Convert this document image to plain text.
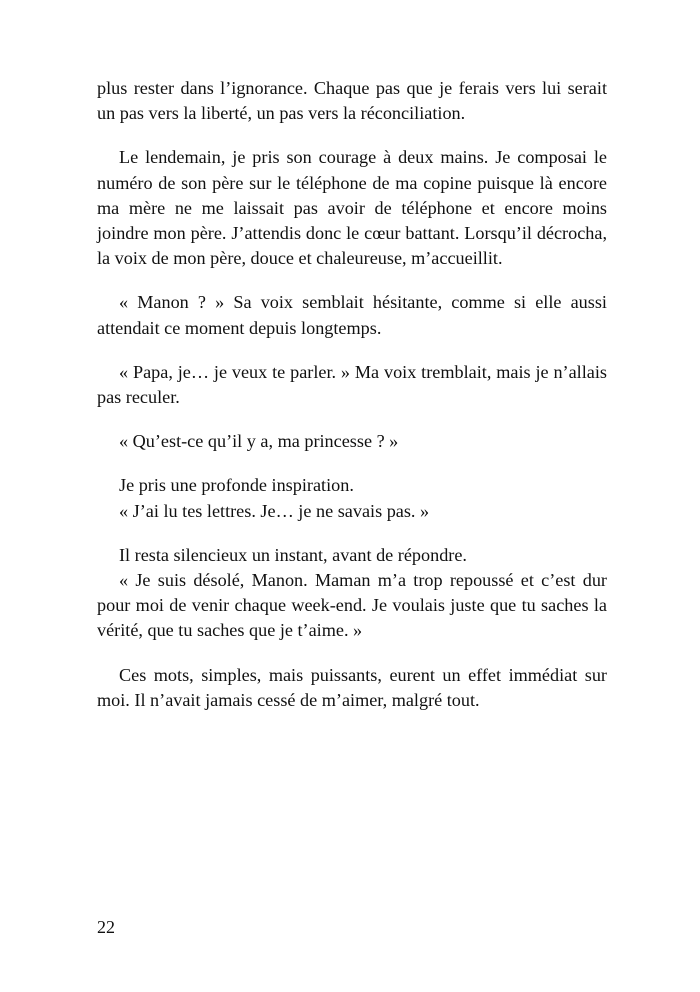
plus rester dans l’ignorance. Chaque pas que je ferais vers lui serait un pas vers la liberté, un pas vers la réconciliation.

Le lendemain, je pris son courage à deux mains. Je composai le numéro de son père sur le téléphone de ma copine puisque là encore ma mère ne me laissait pas avoir de téléphone et encore moins joindre mon père. J’attendis donc le cœur battant. Lorsqu’il décrocha, la voix de mon père, douce et chaleureuse, m’accueillit.

« Manon ? » Sa voix semblait hésitante, comme si elle aussi attendait ce moment depuis longtemps.

« Papa, je… je veux te parler. » Ma voix tremblait, mais je n’allais pas reculer.

« Qu’est-ce qu’il y a, ma princesse ? »

Je pris une profonde inspiration.

« J’ai lu tes lettres. Je… je ne savais pas. »

Il resta silencieux un instant, avant de répondre.

« Je suis désolé, Manon. Maman m’a trop repoussé et c’est dur pour moi de venir chaque week-end. Je voulais juste que tu saches la vérité, que tu saches que je t’aime. »

Ces mots, simples, mais puissants, eurent un effet immédiat sur moi. Il n’avait jamais cessé de m’aimer, malgré tout.

22
